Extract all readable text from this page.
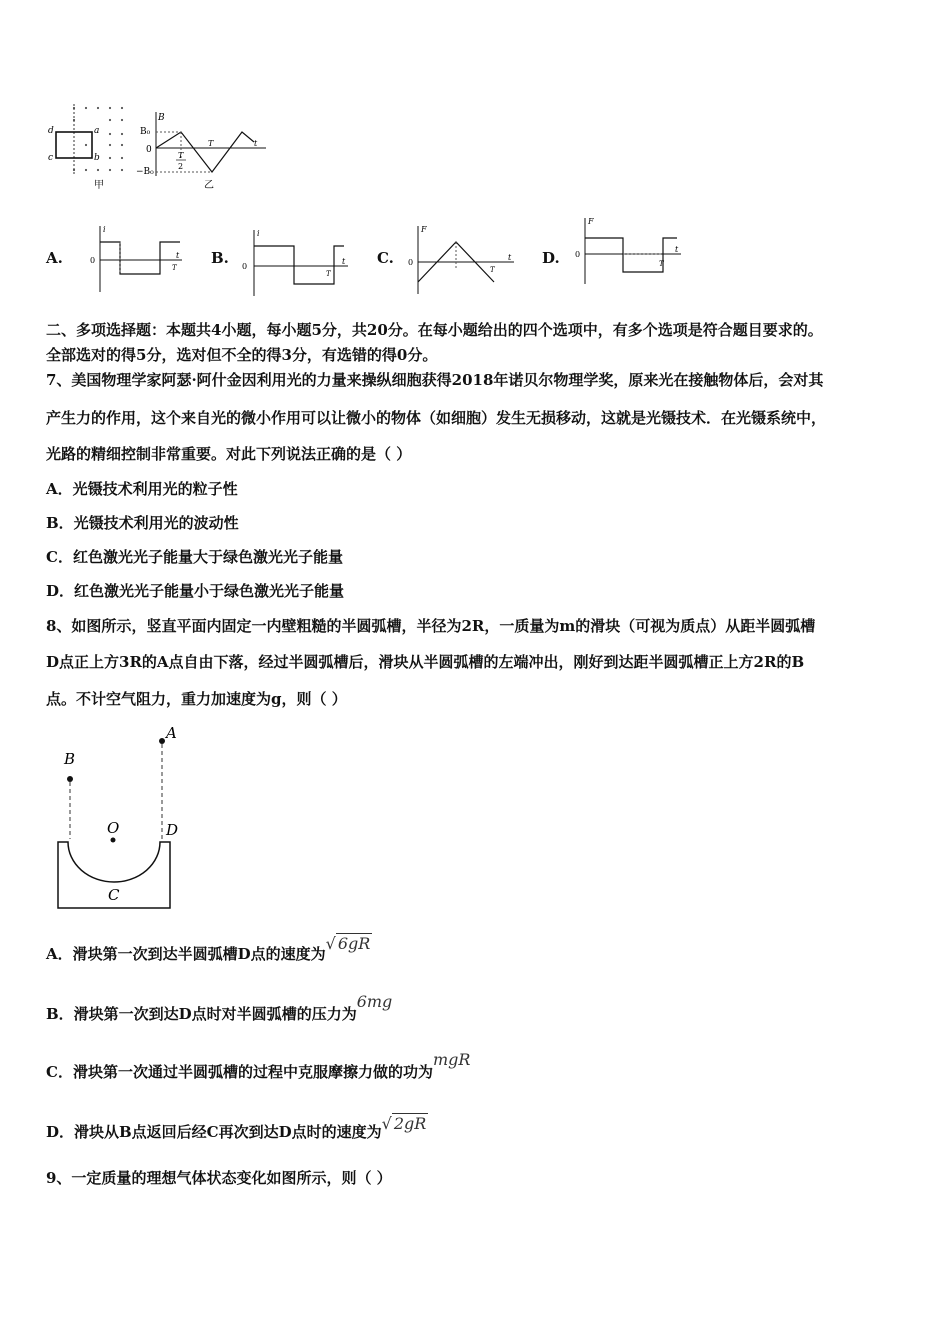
d	a
c	b
甲
B
B₀
0
−B₀
T
2
T	t
乙
A.
i
0
t
T
B.
i
0
t
T
C.
F
0
t
T
D.
F
0
t
T
二、多项选择题：本题共4小题，每小题5分，共20分。在每小题给出的四个选项中，有多个选项是符合题目要求的。
全部选对的得5分，选对但不全的得3分，有选错的得0分。
7、美国物理学家阿瑟·阿什金因利用光的力量来操纵细胞获得2018年诺贝尔物理学奖，原来光在接触物体后，会对其
产生力的作用，这个来自光的微小作用可以让微小的物体（如细胞）发生无损移动，这就是光镊技术．在光镊系统中，
光路的精细控制非常重要。对此下列说法正确的是（ ）
A．光镊技术利用光的粒子性
B．光镊技术利用光的波动性
C．红色激光光子能量大于绿色激光光子能量
D．红色激光光子能量小于绿色激光光子能量
8、如图所示，竖直平面内固定一内壁粗糙的半圆弧槽，半径为2R，一质量为m的滑块（可视为质点）从距半圆弧槽
D点正上方3R的A点自由下落，经过半圆弧槽后，滑块从半圆弧槽的左端冲出，刚好到达距半圆弧槽正上方2R的B
点。不计空气阻力，重力加速度为g，则（ ）
A
B
O	D
C
A．滑块第一次到达半圆弧槽D点的速度为√ 6gR
B．滑块第一次到达D点时对半圆弧槽的压力为6mg
C．滑块第一次通过半圆弧槽的过程中克服摩擦力做的功为mgR
D．滑块从B点返回后经C再次到达D点时的速度为√ 2gR
9、一定质量的理想气体状态变化如图所示，则（ ）
